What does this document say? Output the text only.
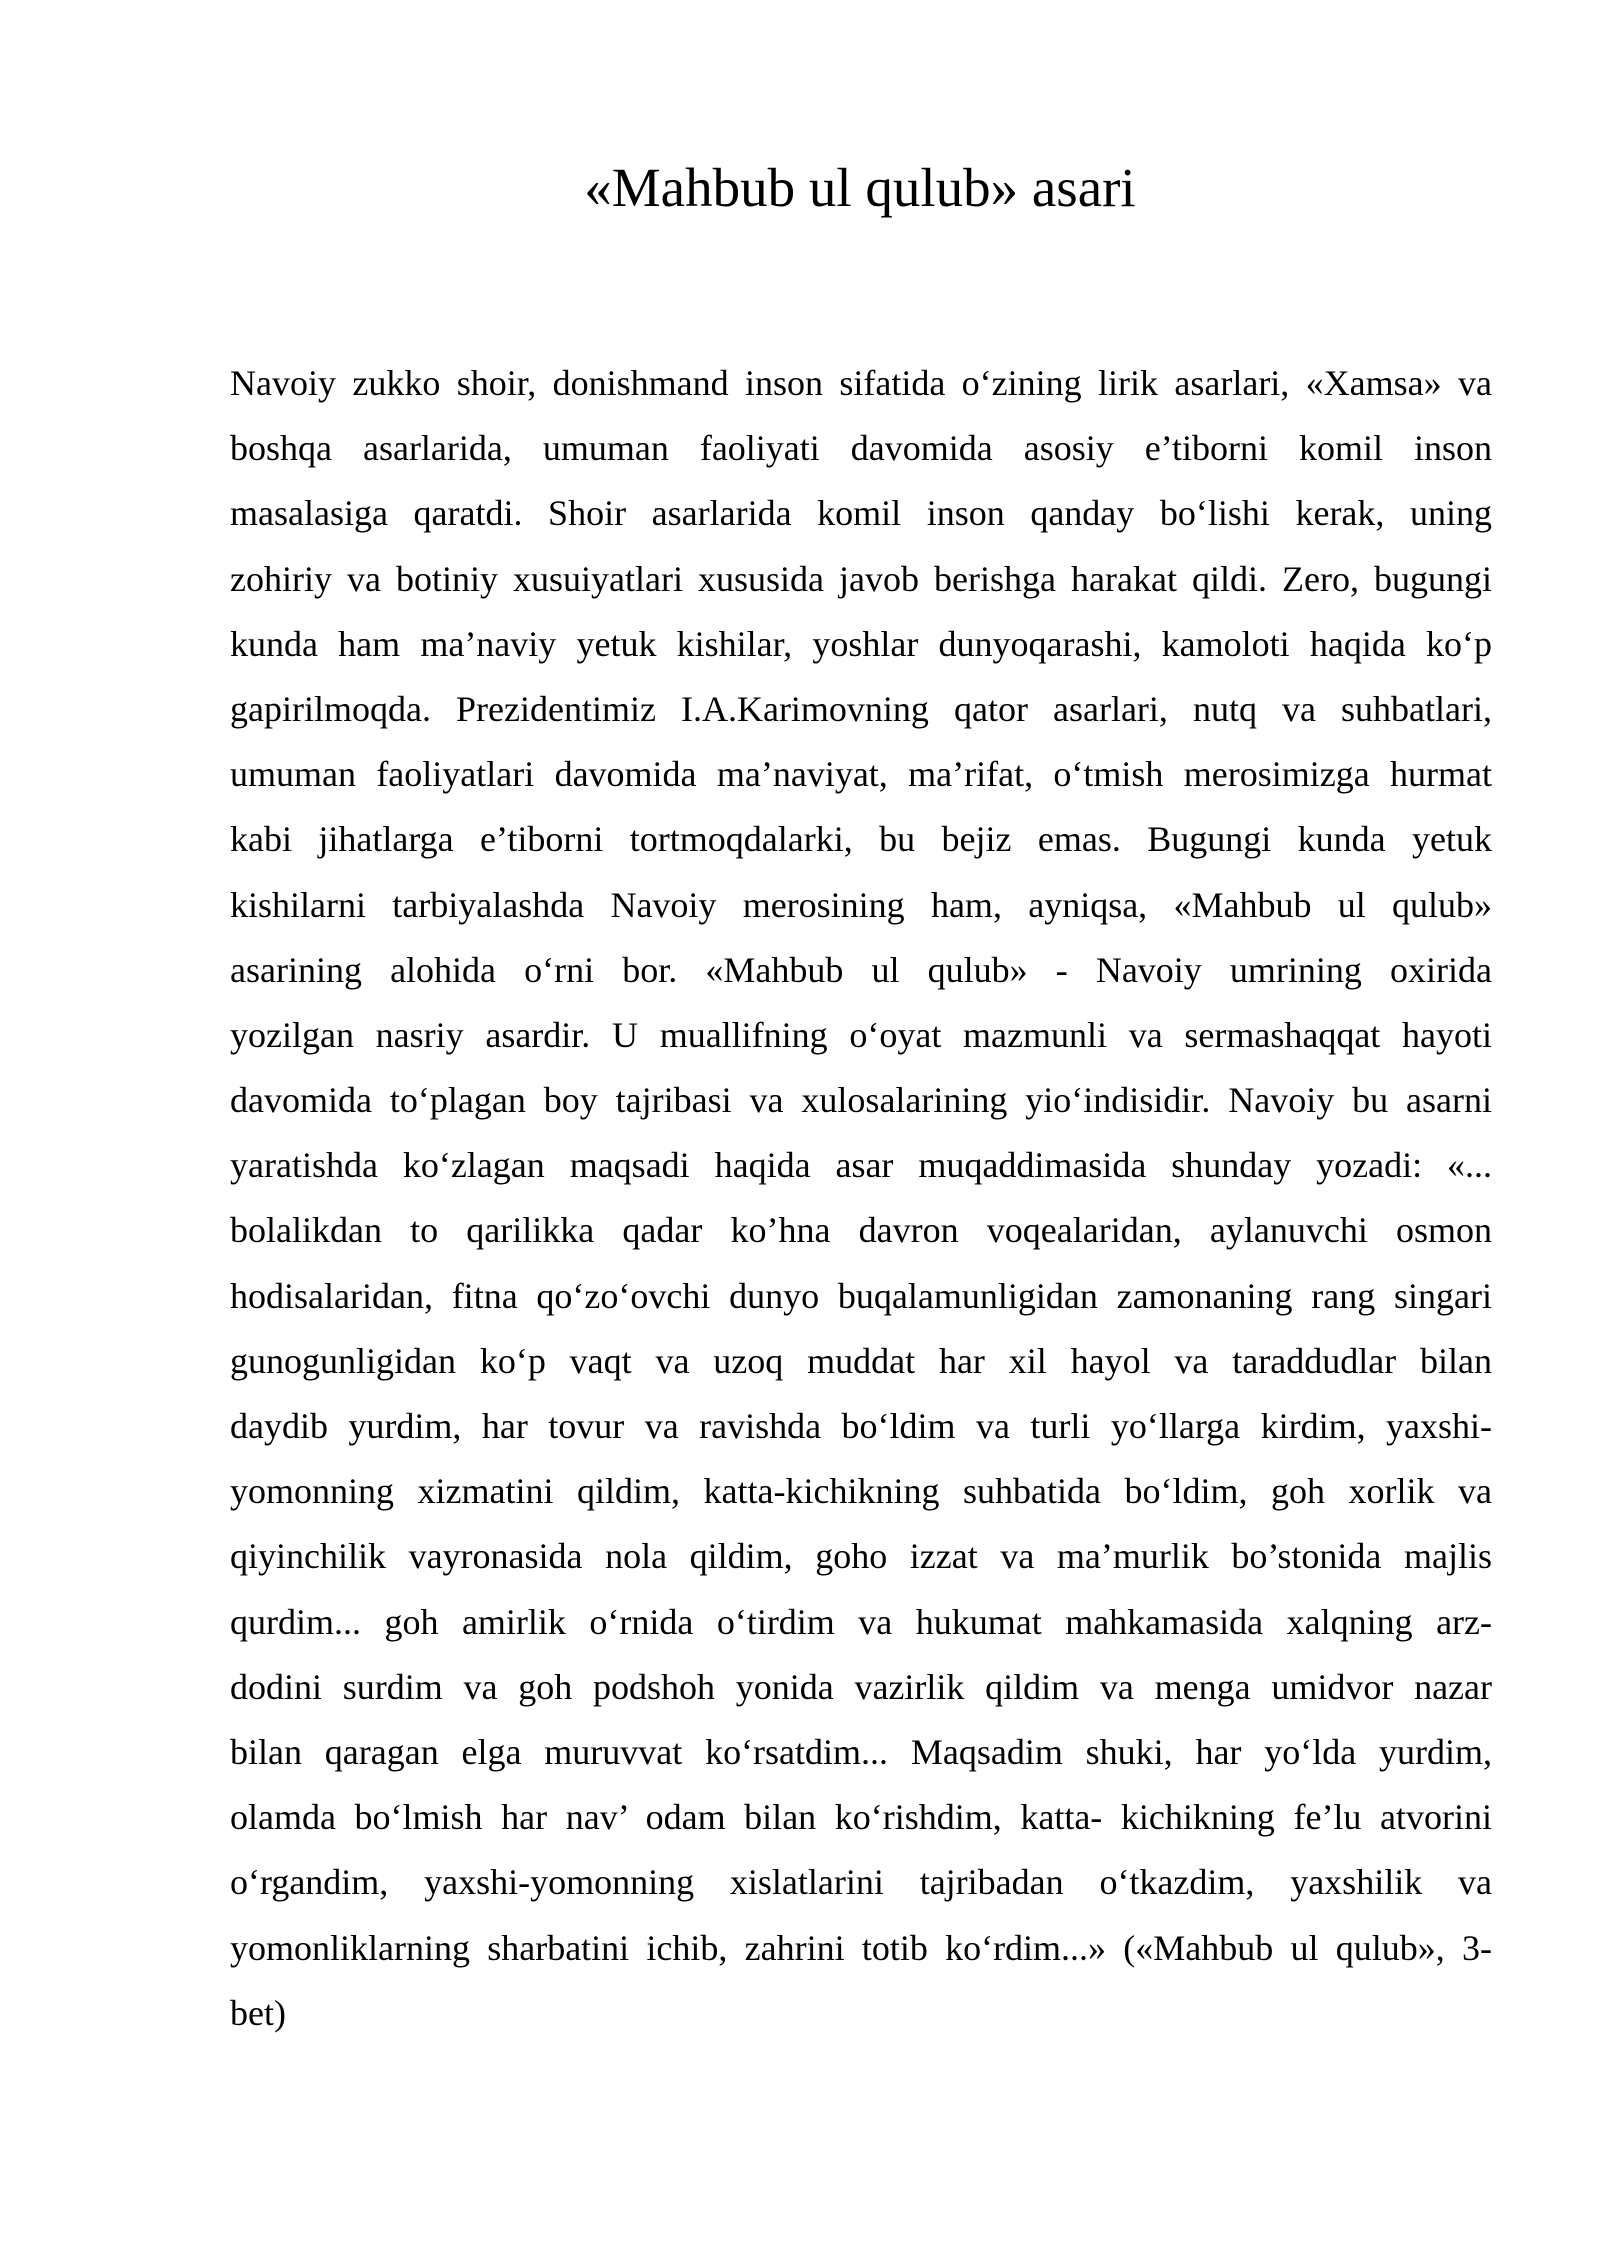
«Mahbub ul qulub» asari
Navoiy zukko shoir, donishmand inson sifatida o‘zining lirik asarlari, «Xamsa» va
boshqa asarlarida, umuman faoliyati davomida asosiy e’tiborni komil inson
masalasiga qaratdi. Shoir asarlarida komil inson qanday bo‘lishi kerak, uning
zohiriy va botiniy xusuiyatlari xususida javob berishga harakat qildi. Zero, bugungi
kunda ham ma’naviy yetuk kishilar, yoshlar dunyoqarashi, kamoloti haqida ko‘p
gapirilmoqda. Prezidentimiz I.A.Karimovning qator asarlari, nutq va suhbatlari,
umuman faoliyatlari davomida ma’naviyat, ma’rifat, o‘tmish merosimizga hurmat
kabi jihatlarga e’tiborni tortmoqdalarki, bu bejiz emas. Bugungi kunda yetuk
kishilarni tarbiyalashda Navoiy merosining ham, ayniqsa, «Mahbub ul qulub»
asarining alohida o‘rni bor. «Mahbub ul qulub» - Navoiy umrining oxirida
yozilgan nasriy asardir. U muallifning o‘oyat mazmunli va sermashaqqat hayoti
davomida to‘plagan boy tajribasi va xulosalarining yio‘indisidir. Navoiy bu asarni
yaratishda ko‘zlagan maqsadi haqida asar muqaddimasida shunday yozadi: «...
bolalikdan to qarilikka qadar ko’hna davron voqealaridan, aylanuvchi osmon
hodisalaridan, fitna qo‘zo‘ovchi dunyo buqalamunligidan zamonaning rang singari
gunogunligidan ko‘p vaqt va uzoq muddat har xil hayol va taraddudlar bilan
daydib yurdim, har tovur va ravishda bo‘ldim va turli yo‘llarga kirdim, yaxshi-
yomonning xizmatini qildim, katta-kichikning suhbatida bo‘ldim, goh xorlik va
qiyinchilik vayronasida nola qildim, goho izzat va ma’murlik bo’stonida majlis
qurdim... goh amirlik o‘rnida o‘tirdim va hukumat mahkamasida xalqning arz-
dodini surdim va goh podshoh yonida vazirlik qildim va menga umidvor nazar
bilan qaragan elga muruvvat ko‘rsatdim... Maqsadim shuki, har yo‘lda yurdim,
olamda bo‘lmish har nav’ odam bilan ko‘rishdim, katta- kichikning fe’lu atvorini
o‘rgandim, yaxshi-yomonning xislatlarini tajribadan o‘tkazdim, yaxshilik va
yomonliklarning sharbatini ichib, zahrini totib ko‘rdim...» («Mahbub ul qulub», 3-
bet)
